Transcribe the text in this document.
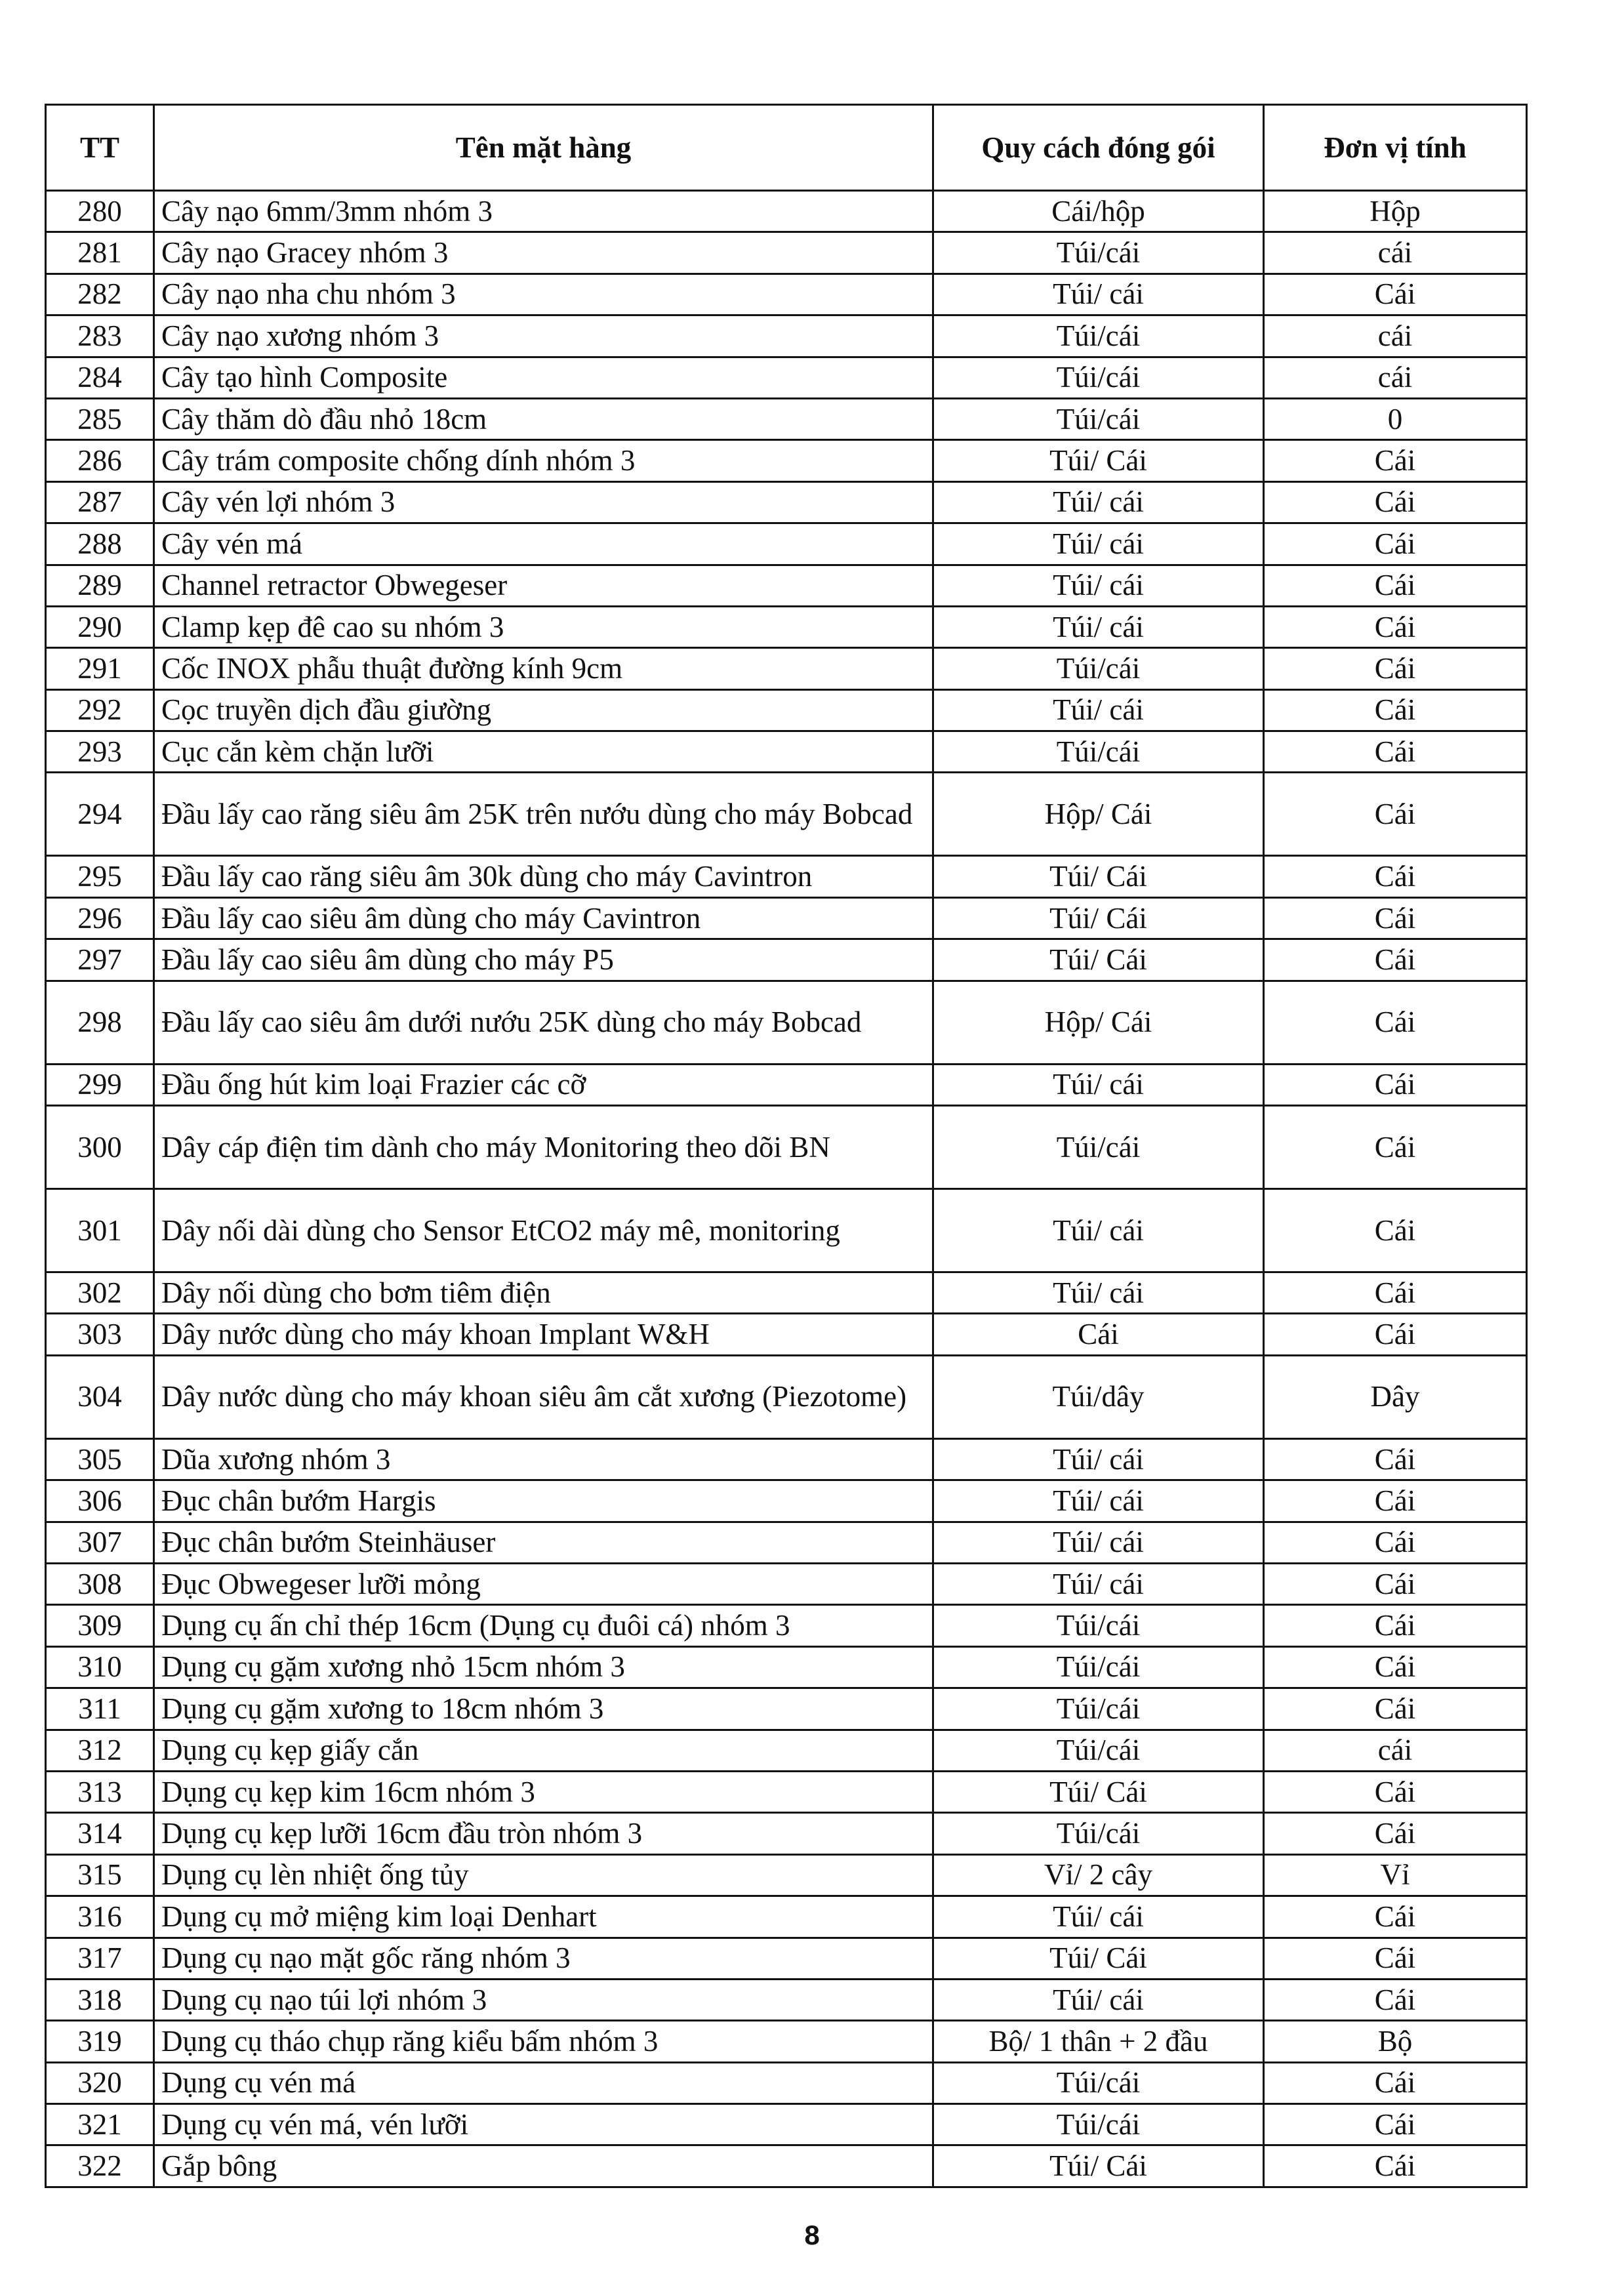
TT	Tên mặt hàng	Quy cách đóng gói	Đơn vị tính
280	Cây nạo 6mm/3mm nhóm 3	Cái/hộp	Hộp
281	Cây nạo Gracey nhóm 3	Túi/cái	cái
282	Cây nạo nha chu nhóm 3	Túi/ cái	Cái
283	Cây nạo xương nhóm 3	Túi/cái	cái
284	Cây tạo hình Composite	Túi/cái	cái
285	Cây thăm dò đầu nhỏ 18cm	Túi/cái	0
286	Cây trám composite chống dính nhóm 3	Túi/ Cái	Cái
287	Cây vén lợi nhóm 3	Túi/ cái	Cái
288	Cây vén má	Túi/ cái	Cái
289	Channel retractor Obwegeser	Túi/ cái	Cái
290	Clamp kẹp đê cao su nhóm 3	Túi/ cái	Cái
291	Cốc INOX phẫu thuật đường kính 9cm	Túi/cái	Cái
292	Cọc truyền dịch đầu giường	Túi/ cái	Cái
293	Cục cắn kèm chặn lưỡi	Túi/cái	Cái
294	Đầu lấy cao răng siêu âm 25K trên nướu dùng cho máy Bobcad	Hộp/ Cái	Cái
295	Đầu lấy cao răng siêu âm 30k dùng cho máy Cavintron	Túi/ Cái	Cái
296	Đầu lấy cao siêu âm dùng cho máy Cavintron	Túi/ Cái	Cái
297	Đầu lấy cao siêu âm dùng cho máy P5	Túi/ Cái	Cái
298	Đầu lấy cao siêu âm dưới nướu 25K dùng cho máy Bobcad	Hộp/ Cái	Cái
299	Đầu ống hút kim loại Frazier các cỡ	Túi/ cái	Cái
300	Dây cáp điện tim dành cho máy Monitoring theo dõi BN	Túi/cái	Cái
301	Dây nối dài dùng cho Sensor EtCO2 máy mê, monitoring	Túi/ cái	Cái
302	Dây nối dùng cho bơm tiêm điện	Túi/ cái	Cái
303	Dây nước dùng cho máy khoan Implant W&H	Cái	Cái
304	Dây nước dùng cho máy khoan siêu âm cắt xương (Piezotome)	Túi/dây	Dây
305	Dũa xương nhóm 3	Túi/ cái	Cái
306	Đục chân bướm Hargis	Túi/ cái	Cái
307	Đục chân bướm Steinhäuser	Túi/ cái	Cái
308	Đục Obwegeser lưỡi mỏng	Túi/ cái	Cái
309	Dụng cụ ấn chỉ thép 16cm (Dụng cụ đuôi cá) nhóm 3	Túi/cái	Cái
310	Dụng cụ gặm xương nhỏ 15cm nhóm 3	Túi/cái	Cái
311	Dụng cụ gặm xương to 18cm nhóm 3	Túi/cái	Cái
312	Dụng cụ kẹp giấy cắn	Túi/cái	cái
313	Dụng cụ kẹp kim 16cm nhóm 3	Túi/ Cái	Cái
314	Dụng cụ kẹp lưỡi 16cm đầu tròn nhóm 3	Túi/cái	Cái
315	Dụng cụ lèn nhiệt ống tủy	Vỉ/ 2 cây	Vỉ
316	Dụng cụ mở miệng kim loại Denhart	Túi/ cái	Cái
317	Dụng cụ nạo mặt gốc răng nhóm 3	Túi/ Cái	Cái
318	Dụng cụ nạo túi lợi nhóm 3	Túi/ cái	Cái
319	Dụng cụ tháo chụp răng kiểu bấm nhóm 3	Bộ/ 1 thân + 2 đầu	Bộ
320	Dụng cụ vén má	Túi/cái	Cái
321	Dụng cụ vén má, vén lưỡi	Túi/cái	Cái
322	Gắp bông	Túi/ Cái	Cái
8
